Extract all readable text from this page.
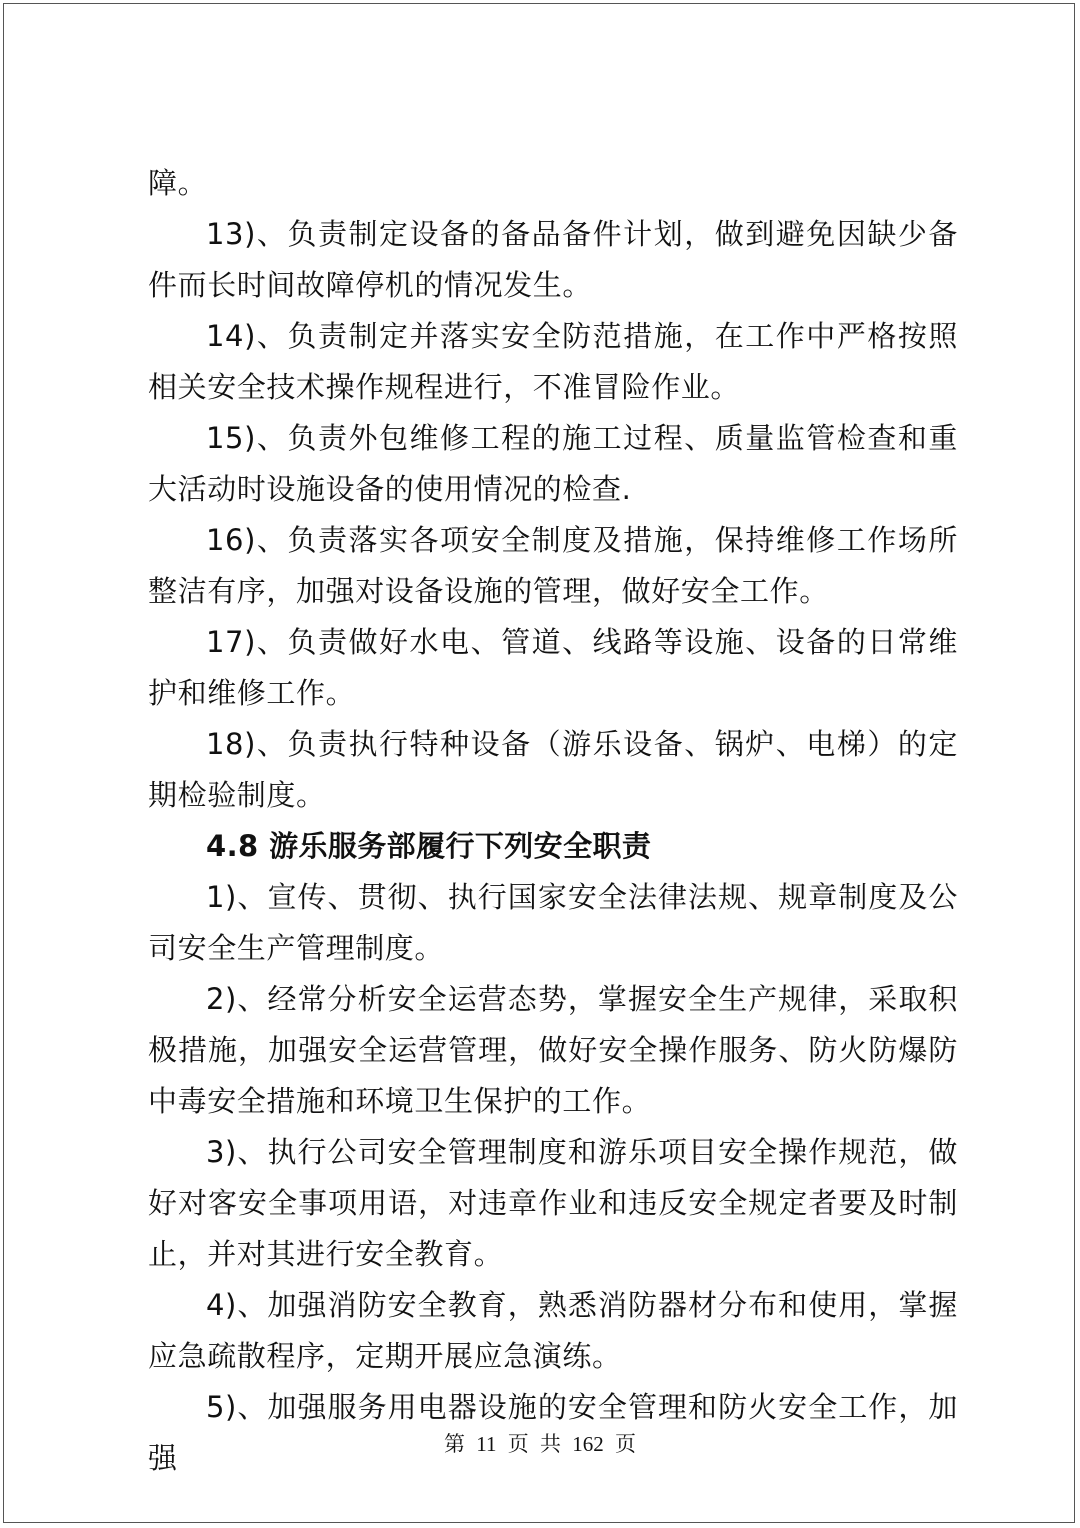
障。

13)、负责制定设备的备品备件计划，做到避免因缺少备件而长时间故障停机的情况发生。

14)、负责制定并落实安全防范措施，在工作中严格按照相关安全技术操作规程进行，不准冒险作业。

15)、负责外包维修工程的施工过程、质量监管检查和重大活动时设施设备的使用情况的检查.

16)、负责落实各项安全制度及措施，保持维修工作场所整洁有序，加强对设备设施的管理，做好安全工作。

17)、负责做好水电、管道、线路等设施、设备的日常维护和维修工作。

18)、负责执行特种设备（游乐设备、锅炉、电梯）的定期检验制度。

4.8 游乐服务部履行下列安全职责

1)、宣传、贯彻、执行国家安全法律法规、规章制度及公司安全生产管理制度。

2)、经常分析安全运营态势，掌握安全生产规律，采取积极措施，加强安全运营管理，做好安全操作服务、防火防爆防中毒安全措施和环境卫生保护的工作。

3)、执行公司安全管理制度和游乐项目安全操作规范，做好对客安全事项用语，对违章作业和违反安全规定者要及时制止，并对其进行安全教育。

4)、加强消防安全教育，熟悉消防器材分布和使用，掌握应急疏散程序，定期开展应急演练。

5)、加强服务用电器设施的安全管理和防火安全工作，加强	第 11 页 共 162 页
